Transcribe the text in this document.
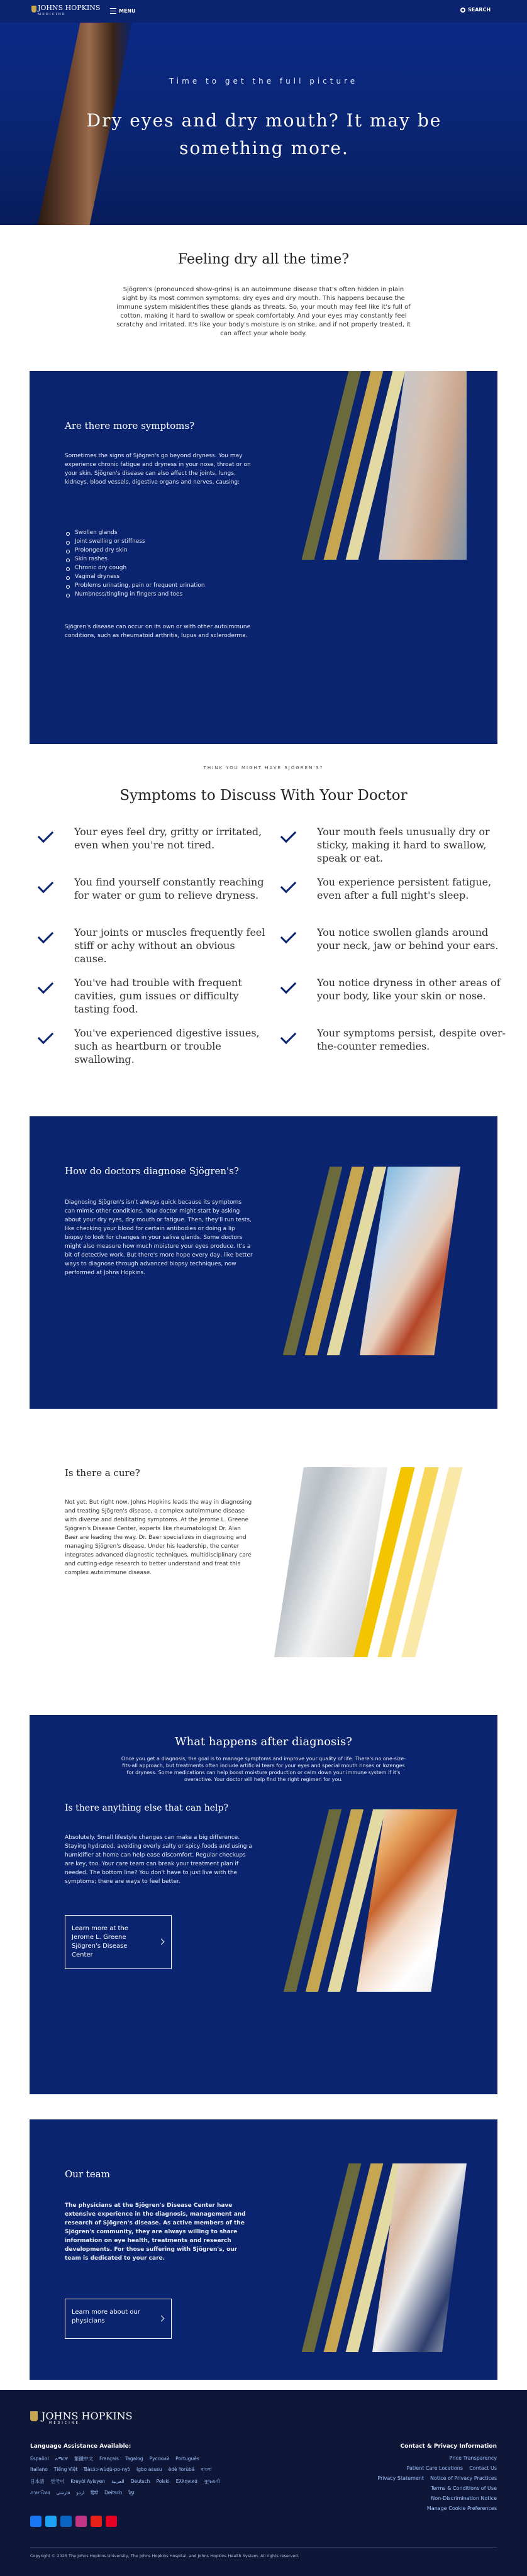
JOHNS HOPKINS
MEDICINE
MENU	SEARCH
Time to get the full picture
Dry eyes and dry mouth? It may be something more.
Feeling dry all the time?
Sjögren's (pronounced show-grins) is an autoimmune disease that's often hidden in plain sight by its most common symptoms: dry eyes and dry mouth. This happens because the immune system misidentifies these glands as threats. So, your mouth may feel like it's full of cotton, making it hard to swallow or speak comfortably. And your eyes may constantly feel scratchy and irritated. It's like your body's moisture is on strike, and if not properly treated, it can affect your whole body.
Are there more symptoms?

Sometimes the signs of Sjögren's go beyond dryness. You may experience chronic fatigue and dryness in your nose, throat or on your skin. Sjögren's disease can also affect the joints, lungs, kidneys, blood vessels, digestive organs and nerves, causing:

Swollen glands
Joint swelling or stiffness
Prolonged dry skin
Skin rashes
Chronic dry cough
Vaginal dryness
Problems urinating, pain or frequent urination
Numbness/tingling in fingers and toes

Sjögren's disease can occur on its own or with other autoimmune conditions, such as rheumatoid arthritis, lupus and scleroderma.

THINK YOU MIGHT HAVE SJÖGREN'S?
Symptoms to Discuss With Your Doctor
Your eyes feel dry, gritty or irritated, even when you're not tired.
You find yourself constantly reaching for water or gum to relieve dryness.
Your joints or muscles frequently feel stiff or achy without an obvious cause.
You've had trouble with frequent cavities, gum issues or difficulty tasting food.
You've experienced digestive issues, such as heartburn or trouble swallowing.
Your mouth feels unusually dry or sticky, making it hard to swallow, speak or eat.
You experience persistent fatigue, even after a full night's sleep.
You notice swollen glands around your neck, jaw or behind your ears.
You notice dryness in other areas of your body, like your skin or nose.
Your symptoms persist, despite over-the-counter remedies.
How do doctors diagnose Sjögren's?

Diagnosing Sjögren's isn't always quick because its symptoms can mimic other conditions. Your doctor might start by asking about your dry eyes, dry mouth or fatigue. Then, they'll run tests, like checking your blood for certain antibodies or doing a lip biopsy to look for changes in your saliva glands. Some doctors might also measure how much moisture your eyes produce. It's a bit of detective work. But there's more hope every day, like better ways to diagnose through advanced biopsy techniques, now performed at Johns Hopkins.

Is there a cure?
Not yet. But right now, Johns Hopkins leads the way in diagnosing and treating Sjögren's disease, a complex autoimmune disease with diverse and debilitating symptoms. At the Jerome L. Greene Sjögren's Disease Center, experts like rheumatologist Dr. Alan Baer are leading the way. Dr. Baer specializes in diagnosing and managing Sjögren's disease. Under his leadership, the center integrates advanced diagnostic techniques, multidisciplinary care and cutting-edge research to better understand and treat this complex autoimmune disease.
What happens after diagnosis?

Once you get a diagnosis, the goal is to manage symptoms and improve your quality of life. There's no one-size-fits-all approach, but treatments often include artificial tears for your eyes and special mouth rinses or lozenges for dryness. Some medications can help boost moisture production or calm down your immune system if it's overactive. Your doctor will help find the right regimen for you.

Is there anything else that can help?

Absolutely. Small lifestyle changes can make a big difference. Staying hydrated, avoiding overly salty or spicy foods and using a humidifier at home can help ease discomfort. Regular checkups are key, too. Your care team can break your treatment plan if needed. The bottom line? You don't have to just live with the symptoms; there are ways to feel better.

Learn more at the Jerome L. Greene Sjögren's Disease Center
Our team

The physicians at the Sjögren's Disease Center have extensive experience in the diagnosis, management and research of Sjögren's disease. As active members of the Sjögren's community, they are always willing to share information on eye health, treatments and research developments. For those suffering with Sjögren's, our team is dedicated to your care.

Learn more about our physicians
JOHNS HOPKINS
MEDICINE
Language Assistance Available:
Español አማርኛ 繁體中文 Français Tagalog Русский Português
Italiano Tiếng Việt Ɓàsɔ́ɔ-wùɖù-po-nyɔ̀ Igbo asusu èdè Yorùbá বাংলা
日本語 한국어 Kreyòl Ayisyen العربية Deutsch Polski Ελληνικά ગુજરાતી
ภาษาไทย	اردوفارسی	हिंदी Deitsch ខ្មែរ
Contact & Privacy Information
Price Transparency
Contact Us
Patient Care Locations
Notice of Privacy Practices
Privacy Statement
Terms & Conditions of Use
Non-Discrimination Notice
Manage Cookie Preferences
Copyright © 2025 The Johns Hopkins University, The Johns Hopkins Hospital, and Johns Hopkins Health System. All rights reserved.
